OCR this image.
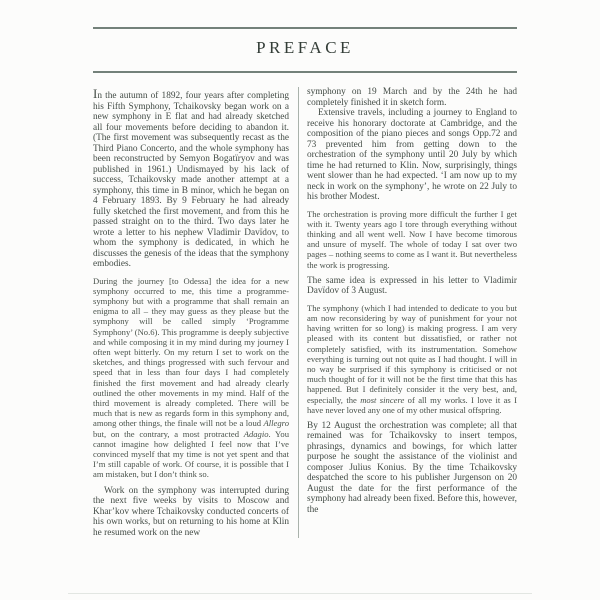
PREFACE

In the autumn of 1892, four years after completing his Fifth Symphony, Tchaikovsky began work on a new symphony in E flat and had already sketched all four movements before deciding to abandon it. (The first movement was subsequently recast as the Third Piano Concerto, and the whole symphony has been reconstructed by Semyon Bogatïryov and was published in 1961.) Undismayed by his lack of success, Tchaikovsky made another attempt at a symphony, this time in B minor, which he began on 4 February 1893. By 9 February he had already fully sketched the first movement, and from this he passed straight on to the third. Two days later he wrote a letter to his nephew Vladimir Davïdov, to whom the symphony is dedicated, in which he discusses the genesis of the ideas that the symphony embodies.

During the journey [to Odessa] the idea for a new symphony occurred to me, this time a programme-symphony but with a programme that shall remain an enigma to all – they may guess as they please but the symphony will be called simply ‘Programme Symphony’ (No.6). This programme is deeply subjective and while composing it in my mind during my journey I often wept bitterly. On my return I set to work on the sketches, and things progressed with such fervour and speed that in less than four days I had completely finished the first movement and had already clearly outlined the other movements in my mind. Half of the third movement is already completed. There will be much that is new as regards form in this symphony and, among other things, the finale will not be a loud Allegro but, on the contrary, a most protracted Adagio. You cannot imagine how delighted I feel now that I’ve convinced myself that my time is not yet spent and that I’m still capable of work. Of course, it is possible that I am mistaken, but I don’t think so.

Work on the symphony was interrupted during the next five weeks by visits to Moscow and Khar’kov where Tchaikovsky conducted concerts of his own works, but on returning to his home at Klin he resumed work on the new

symphony on 19 March and by the 24th he had completely finished it in sketch form.

Extensive travels, including a journey to England to receive his honorary doctorate at Cambridge, and the composition of the piano pieces and songs Opp.72 and 73 prevented him from getting down to the orchestration of the symphony until 20 July by which time he had returned to Klin. Now, surprisingly, things went slower than he had expected. ‘I am now up to my neck in work on the symphony’, he wrote on 22 July to his brother Modest.

The orchestration is proving more difficult the further I get with it. Twenty years ago I tore through everything without thinking and all went well. Now I have become timorous and unsure of myself. The whole of today I sat over two pages – nothing seems to come as I want it. But nevertheless the work is progressing.

The same idea is expressed in his letter to Vladimir Davïdov of 3 August.

The symphony (which I had intended to dedicate to you but am now reconsidering by way of punishment for your not having written for so long) is making progress. I am very pleased with its content but dissatisfied, or rather not completely satisfied, with its instrumentation. Somehow everything is turning out not quite as I had thought. I will in no way be surprised if this symphony is criticised or not much thought of for it will not be the first time that this has happened. But I definitely consider it the very best, and, especially, the most sincere of all my works. I love it as I have never loved any one of my other musical offspring.

By 12 August the orchestration was complete; all that remained was for Tchaikovsky to insert tempos, phrasings, dynamics and bowings, for which latter purpose he sought the assistance of the violinist and composer Julius Konius. By the time Tchaikovsky despatched the score to his publisher Jurgenson on 20 August the date for the first performance of the symphony had already been fixed. Before this, however, the
